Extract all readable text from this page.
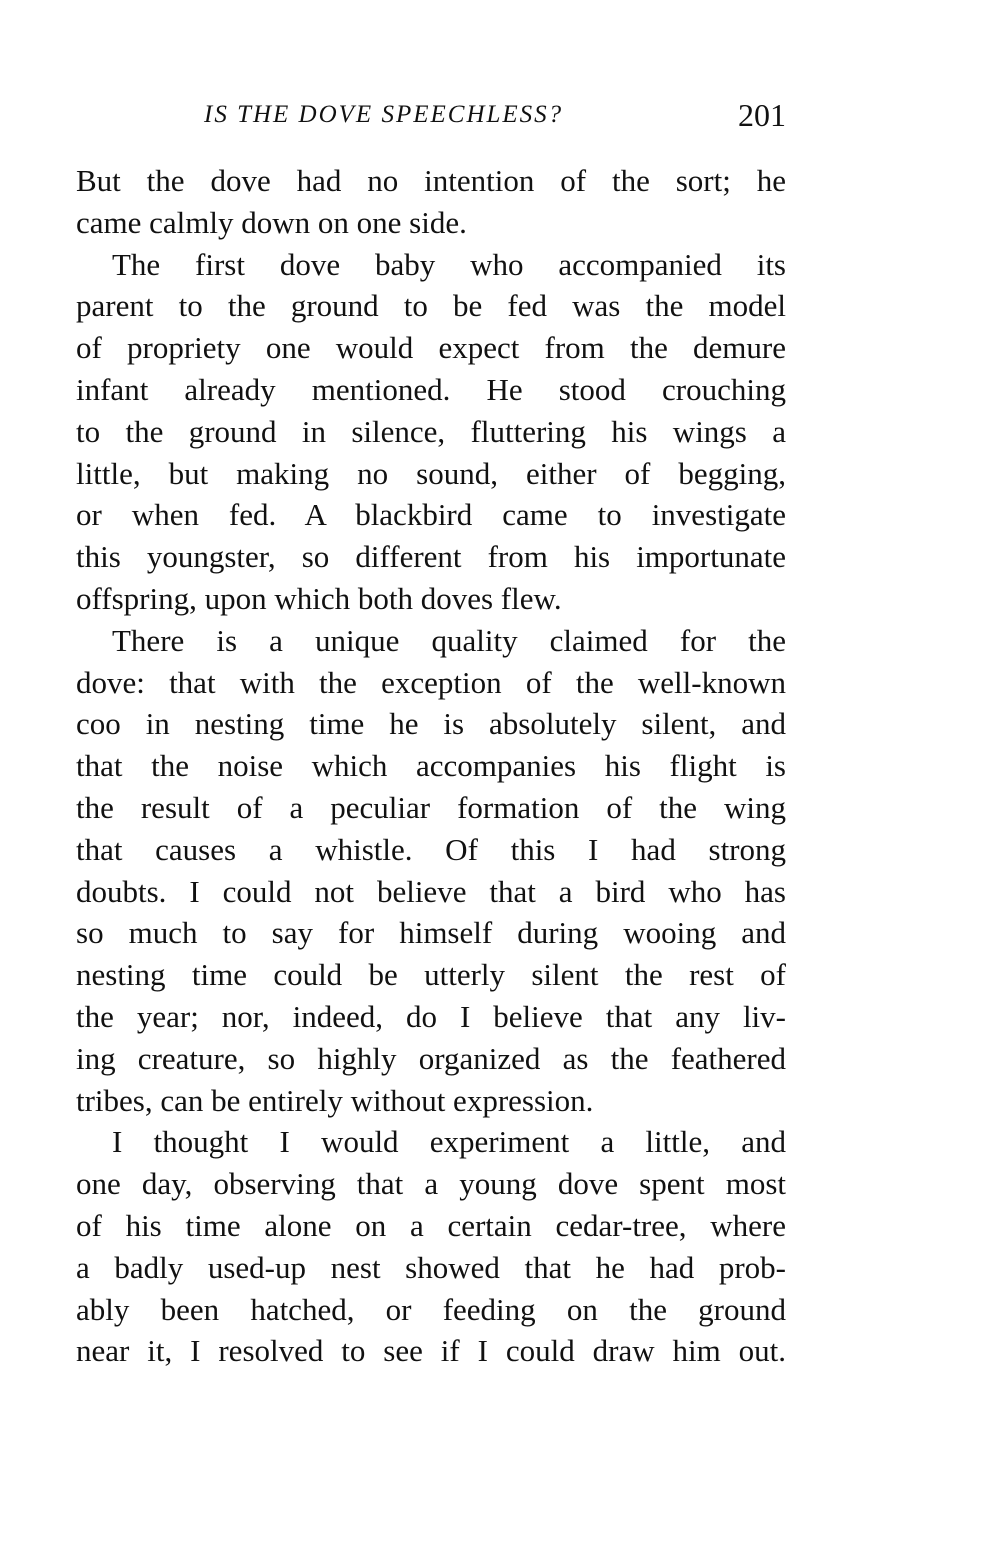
IS THE DOVE SPEECHLESS?	201
But the dove had no intention of the sort; he
came calmly down on one side.
The first dove baby who accompanied its
parent to the ground to be fed was the model
of propriety one would expect from the demure
infant already mentioned. He stood crouching
to the ground in silence, fluttering his wings a
little, but making no sound, either of begging,
or when fed. A blackbird came to investigate
this youngster, so different from his importunate
offspring, upon which both doves flew.
There is a unique quality claimed for the
dove: that with the exception of the well-known
coo in nesting time he is absolutely silent, and
that the noise which accompanies his flight is
the result of a peculiar formation of the wing
that causes a whistle. Of this I had strong
doubts. I could not believe that a bird who has
so much to say for himself during wooing and
nesting time could be utterly silent the rest of
the year; nor, indeed, do I believe that any liv-
ing creature, so highly organized as the feathered
tribes, can be entirely without expression.
I thought I would experiment a little, and
one day, observing that a young dove spent most
of his time alone on a certain cedar-tree, where
a badly used-up nest showed that he had prob-
ably been hatched, or feeding on the ground
near it, I resolved to see if I could draw him out.
